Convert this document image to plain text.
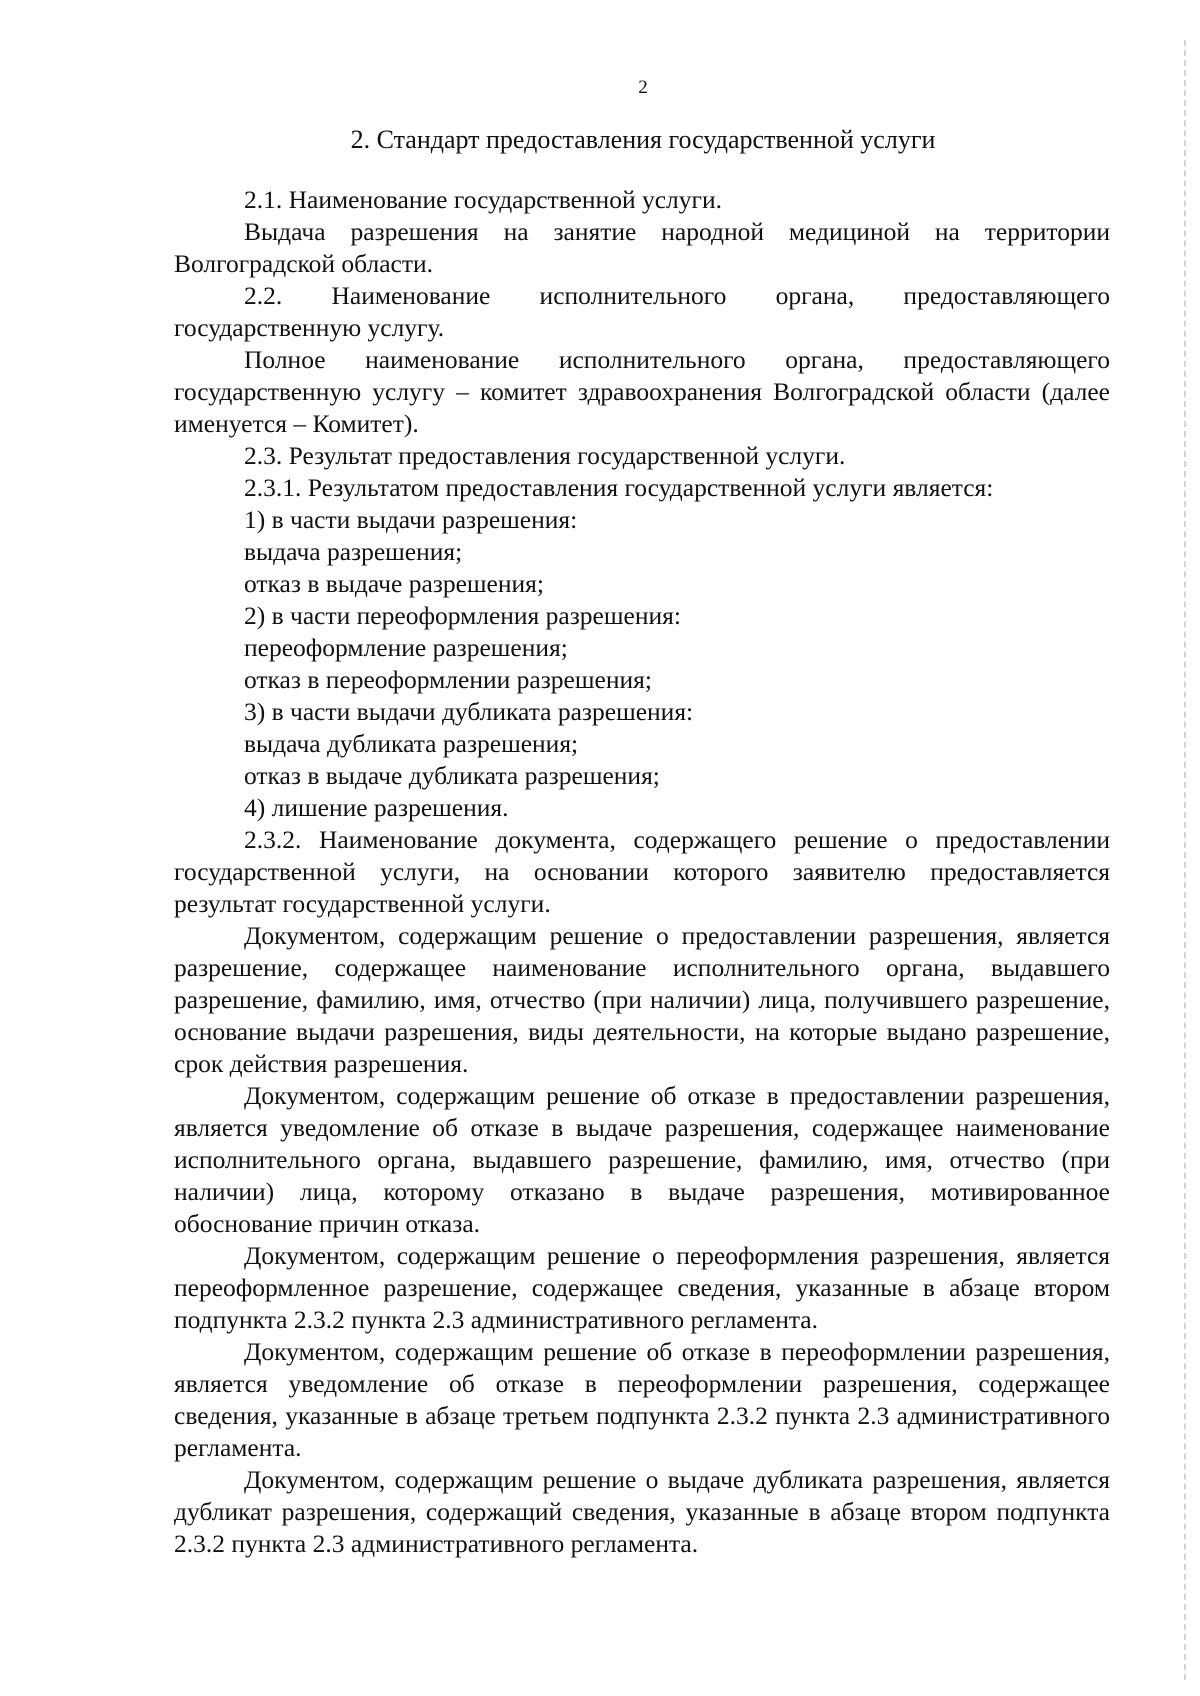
2
2. Стандарт предоставления государственной услуги

2.1. Наименование государственной услуги.

Выдача разрешения на занятие народной медициной на территории Волгоградской области.

2.2. Наименование исполнительного органа, предоставляющего государственную услугу.

Полное наименование исполнительного органа, предоставляющего государственную услугу – комитет здравоохранения Волгоградской области (далее именуется – Комитет).

2.3. Результат предоставления государственной услуги.

2.3.1. Результатом предоставления государственной услуги является:

1) в части выдачи разрешения:

выдача разрешения;

отказ в выдаче разрешения;

2) в части переоформления разрешения:

переоформление разрешения;

отказ в переоформлении разрешения;

3) в части выдачи дубликата разрешения:

выдача дубликата разрешения;

отказ в выдаче дубликата разрешения;

4) лишение разрешения.

2.3.2. Наименование документа, содержащего решение о предоставлении государственной услуги, на основании которого заявителю предоставляется результат государственной услуги.

Документом, содержащим решение о предоставлении разрешения, является разрешение, содержащее наименование исполнительного органа, выдавшего разрешение, фамилию, имя, отчество (при наличии) лица, получившего разрешение, основание выдачи разрешения, виды деятельности, на которые выдано разрешение, срок действия разрешения.

Документом, содержащим решение об отказе в предоставлении разрешения, является уведомление об отказе в выдаче разрешения, содержащее наименование исполнительного органа, выдавшего разрешение, фамилию, имя, отчество (при наличии) лица, которому отказано в выдаче разрешения, мотивированное обоснование причин отказа.

Документом, содержащим решение о переоформления разрешения, является переоформленное разрешение, содержащее сведения, указанные в абзаце втором подпункта 2.3.2 пункта 2.3 административного регламента.

Документом, содержащим решение об отказе в переоформлении разрешения, является уведомление об отказе в переоформлении разрешения, содержащее сведения, указанные в абзаце третьем подпункта 2.3.2 пункта 2.3 административного регламента.

Документом, содержащим решение о выдаче дубликата разрешения, является дубликат разрешения, содержащий сведения, указанные в абзаце втором подпункта 2.3.2 пункта 2.3 административного регламента.
